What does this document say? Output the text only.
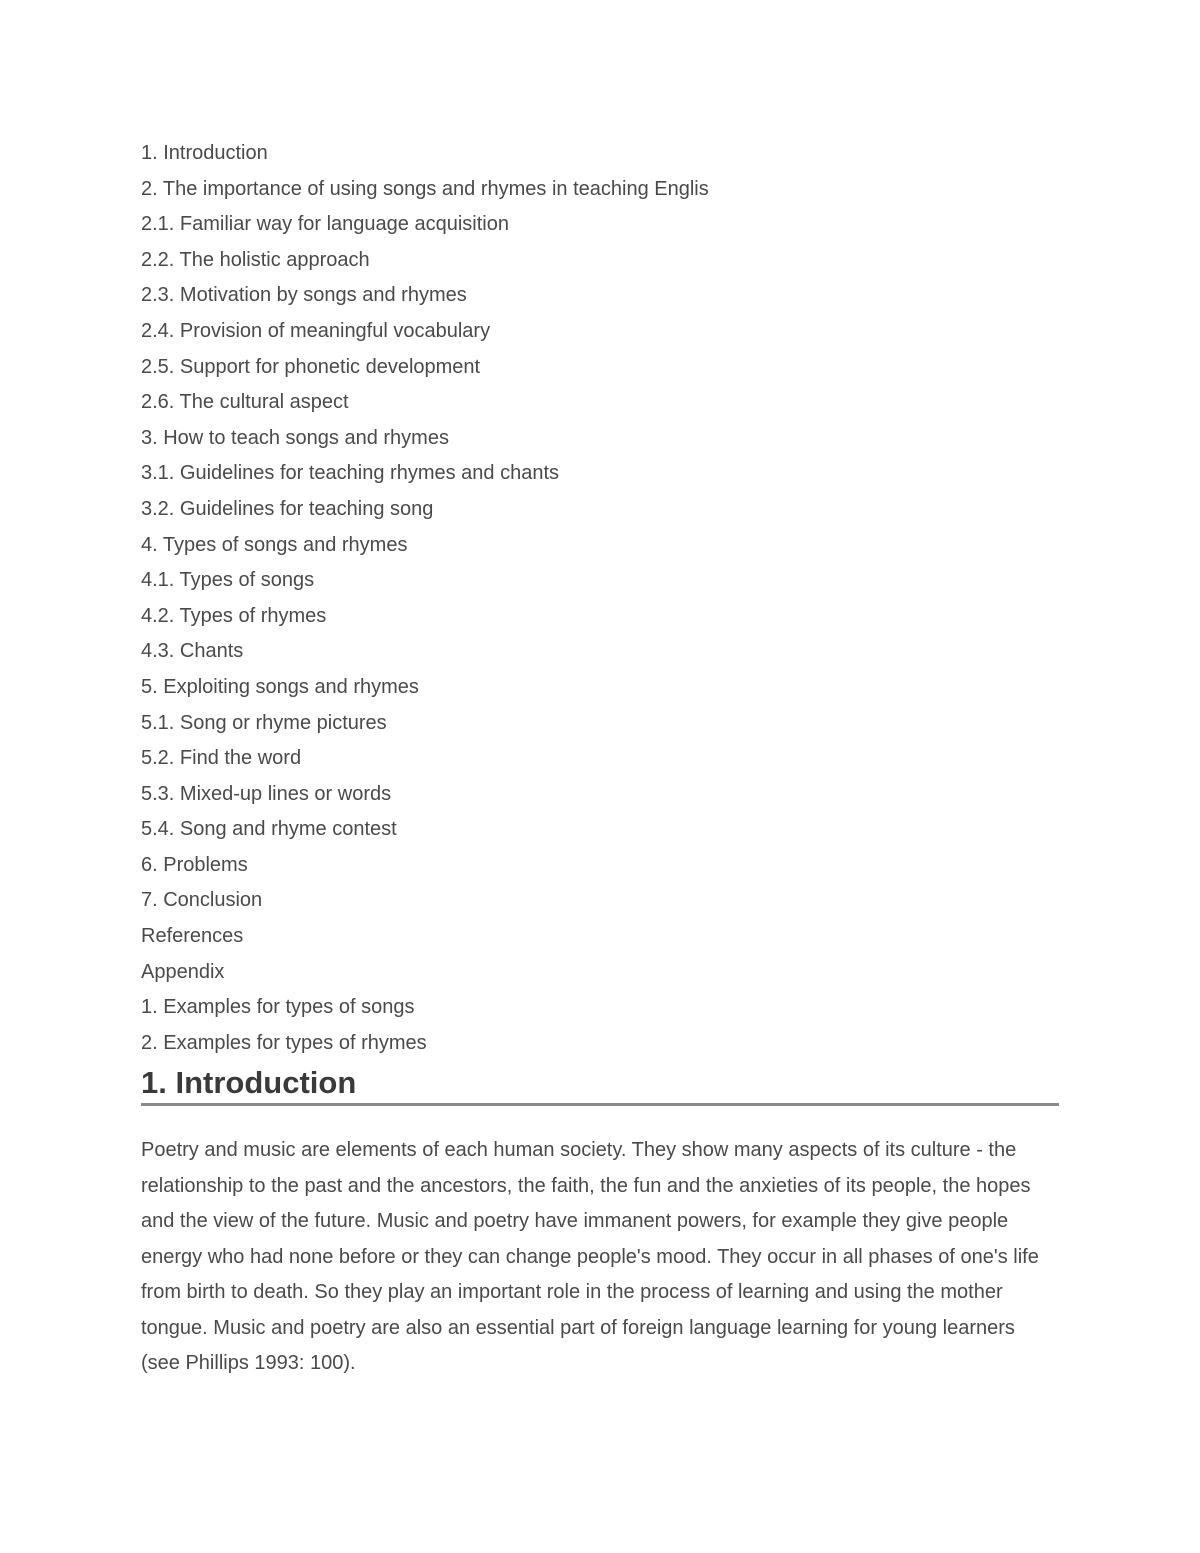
1. Introduction
2. The importance of using songs and rhymes in teaching Englis
2.1. Familiar way for language acquisition
2.2. The holistic approach
2.3. Motivation by songs and rhymes
2.4. Provision of meaningful vocabulary
2.5. Support for phonetic development
2.6. The cultural aspect
3. How to teach songs and rhymes
3.1. Guidelines for teaching rhymes and chants
3.2. Guidelines for teaching song
4. Types of songs and rhymes
4.1. Types of songs
4.2. Types of rhymes
4.3. Chants
5. Exploiting songs and rhymes
5.1. Song or rhyme pictures
5.2. Find the word
5.3. Mixed-up lines or words
5.4. Song and rhyme contest
6. Problems
7. Conclusion
References
Appendix
1. Examples for types of songs
2. Examples for types of rhymes
1. Introduction

Poetry and music are elements of each human society. They show many aspects of its culture - the relationship to the past and the ancestors, the faith, the fun and the anxieties of its people, the hopes and the view of the future. Music and poetry have immanent powers, for example they give people energy who had none before or they can change people's mood. They occur in all phases of one's life from birth to death. So they play an important role in the process of learning and using the mother tongue. Music and poetry are also an essential part of foreign language learning for young learners (see Phillips 1993: 100).
